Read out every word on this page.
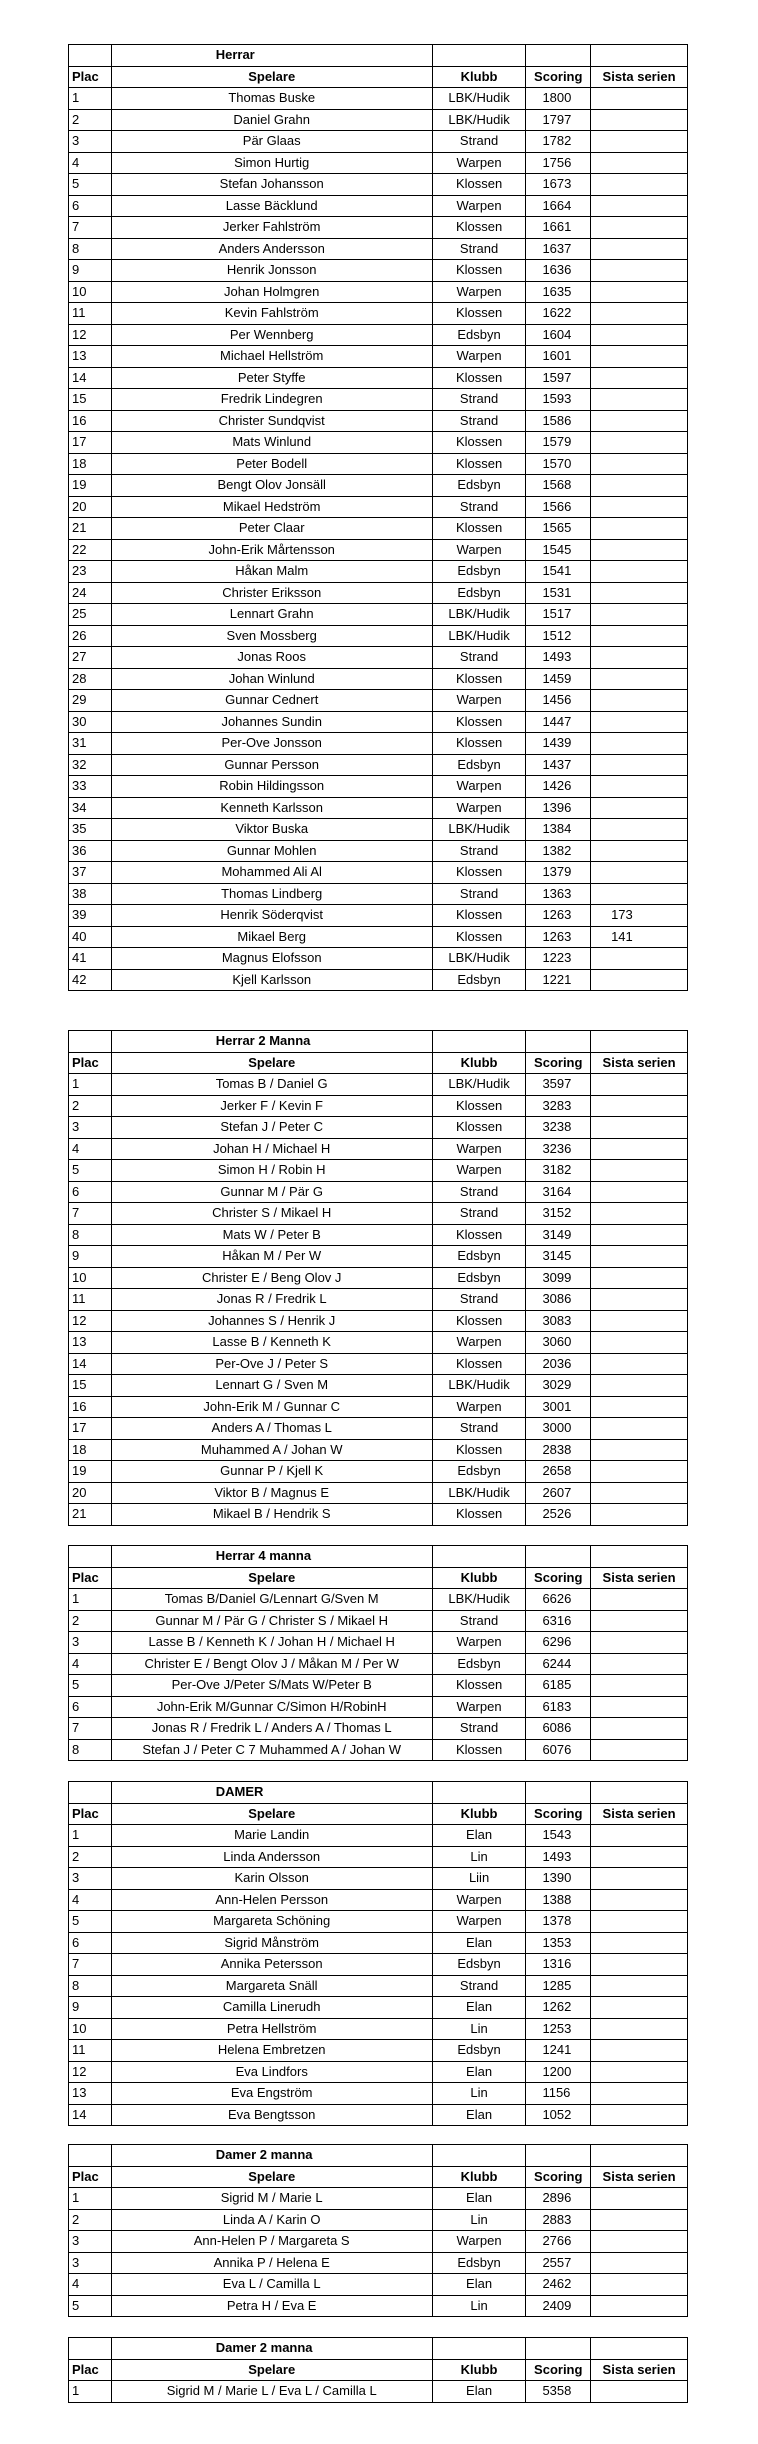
	Herrar			
Plac	Spelare	Klubb	Scoring	Sista serien
1	Thomas Buske	LBK/Hudik	1800	
2	Daniel Grahn	LBK/Hudik	1797	
3	Pär Glaas	Strand	1782	
4	Simon Hurtig	Warpen	1756	
5	Stefan Johansson	Klossen	1673	
6	Lasse Bäcklund	Warpen	1664	
7	Jerker Fahlström	Klossen	1661	
8	Anders Andersson	Strand	1637	
9	Henrik Jonsson	Klossen	1636	
10	Johan Holmgren	Warpen	1635	
11	Kevin Fahlström	Klossen	1622	
12	Per Wennberg	Edsbyn	1604	
13	Michael Hellström	Warpen	1601	
14	Peter Styffe	Klossen	1597	
15	Fredrik Lindegren	Strand	1593	
16	Christer Sundqvist	Strand	1586	
17	Mats Winlund	Klossen	1579	
18	Peter Bodell	Klossen	1570	
19	Bengt Olov Jonsäll	Edsbyn	1568	
20	Mikael Hedström	Strand	1566	
21	Peter Claar	Klossen	1565	
22	John-Erik Mårtensson	Warpen	1545	
23	Håkan Malm	Edsbyn	1541	
24	Christer Eriksson	Edsbyn	1531	
25	Lennart Grahn	LBK/Hudik	1517	
26	Sven Mossberg	LBK/Hudik	1512	
27	Jonas Roos	Strand	1493	
28	Johan Winlund	Klossen	1459	
29	Gunnar Cednert	Warpen	1456	
30	Johannes Sundin	Klossen	1447	
31	Per-Ove Jonsson	Klossen	1439	
32	Gunnar Persson	Edsbyn	1437	
33	Robin Hildingsson	Warpen	1426	
34	Kenneth Karlsson	Warpen	1396	
35	Viktor Buska	LBK/Hudik	1384	
36	Gunnar Mohlen	Strand	1382	
37	Mohammed Ali Al	Klossen	1379	
38	Thomas Lindberg	Strand	1363	
39	Henrik Söderqvist	Klossen	1263	173
40	Mikael Berg	Klossen	1263	141
41	Magnus Elofsson	LBK/Hudik	1223	
42	Kjell Karlsson	Edsbyn	1221	
	Herrar 2 Manna			
Plac	Spelare	Klubb	Scoring	Sista serien
1	Tomas B / Daniel G	LBK/Hudik	3597	
2	Jerker F / Kevin F	Klossen	3283	
3	Stefan J / Peter C	Klossen	3238	
4	Johan H / Michael H	Warpen	3236	
5	Simon H / Robin H	Warpen	3182	
6	Gunnar M / Pär G	Strand	3164	
7	Christer S / Mikael H	Strand	3152	
8	Mats W / Peter B	Klossen	3149	
9	Håkan M / Per W	Edsbyn	3145	
10	Christer E / Beng Olov J	Edsbyn	3099	
11	Jonas R / Fredrik L	Strand	3086	
12	Johannes S / Henrik J	Klossen	3083	
13	Lasse B / Kenneth K	Warpen	3060	
14	Per-Ove J / Peter S	Klossen	2036	
15	Lennart G / Sven M	LBK/Hudik	3029	
16	John-Erik M / Gunnar C	Warpen	3001	
17	Anders A / Thomas L	Strand	3000	
18	Muhammed A / Johan W	Klossen	2838	
19	Gunnar P / Kjell K	Edsbyn	2658	
20	Viktor B / Magnus E	LBK/Hudik	2607	
21	Mikael B / Hendrik S	Klossen	2526	
	Herrar 4 manna			
Plac	Spelare	Klubb	Scoring	Sista serien
1	Tomas B/Daniel G/Lennart G/Sven M	LBK/Hudik	6626	
2	Gunnar M / Pär G / Christer S / Mikael H	Strand	6316	
3	Lasse B / Kenneth K / Johan H / Michael H	Warpen	6296	
4	Christer E / Bengt Olov J / Måkan M / Per W	Edsbyn	6244	
5	Per-Ove J/Peter S/Mats W/Peter B	Klossen	6185	
6	John-Erik M/Gunnar C/Simon H/RobinH	Warpen	6183	
7	Jonas R / Fredrik L / Anders A / Thomas L	Strand	6086	
8	Stefan J / Peter C 7 Muhammed A / Johan W	Klossen	6076	
	DAMER			
Plac	Spelare	Klubb	Scoring	Sista serien
1	Marie Landin	Elan	1543	
2	Linda Andersson	Lin	1493	
3	Karin Olsson	Liin	1390	
4	Ann-Helen Persson	Warpen	1388	
5	Margareta Schöning	Warpen	1378	
6	Sigrid Månström	Elan	1353	
7	Annika Petersson	Edsbyn	1316	
8	Margareta Snäll	Strand	1285	
9	Camilla Linerudh	Elan	1262	
10	Petra Hellström	Lin	1253	
11	Helena Embretzen	Edsbyn	1241	
12	Eva Lindfors	Elan	1200	
13	Eva Engström	Lin	1156	
14	Eva Bengtsson	Elan	1052	
	Damer 2 manna			
Plac	Spelare	Klubb	Scoring	Sista serien
1	Sigrid M / Marie L	Elan	2896	
2	Linda A / Karin O	Lin	2883	
3	Ann-Helen P / Margareta S	Warpen	2766	
3	Annika P / Helena E	Edsbyn	2557	
4	Eva L / Camilla L	Elan	2462	
5	Petra H / Eva E	Lin	2409	
	Damer 2 manna			
Plac	Spelare	Klubb	Scoring	Sista serien
1	Sigrid M / Marie L / Eva L / Camilla L	Elan	5358	
